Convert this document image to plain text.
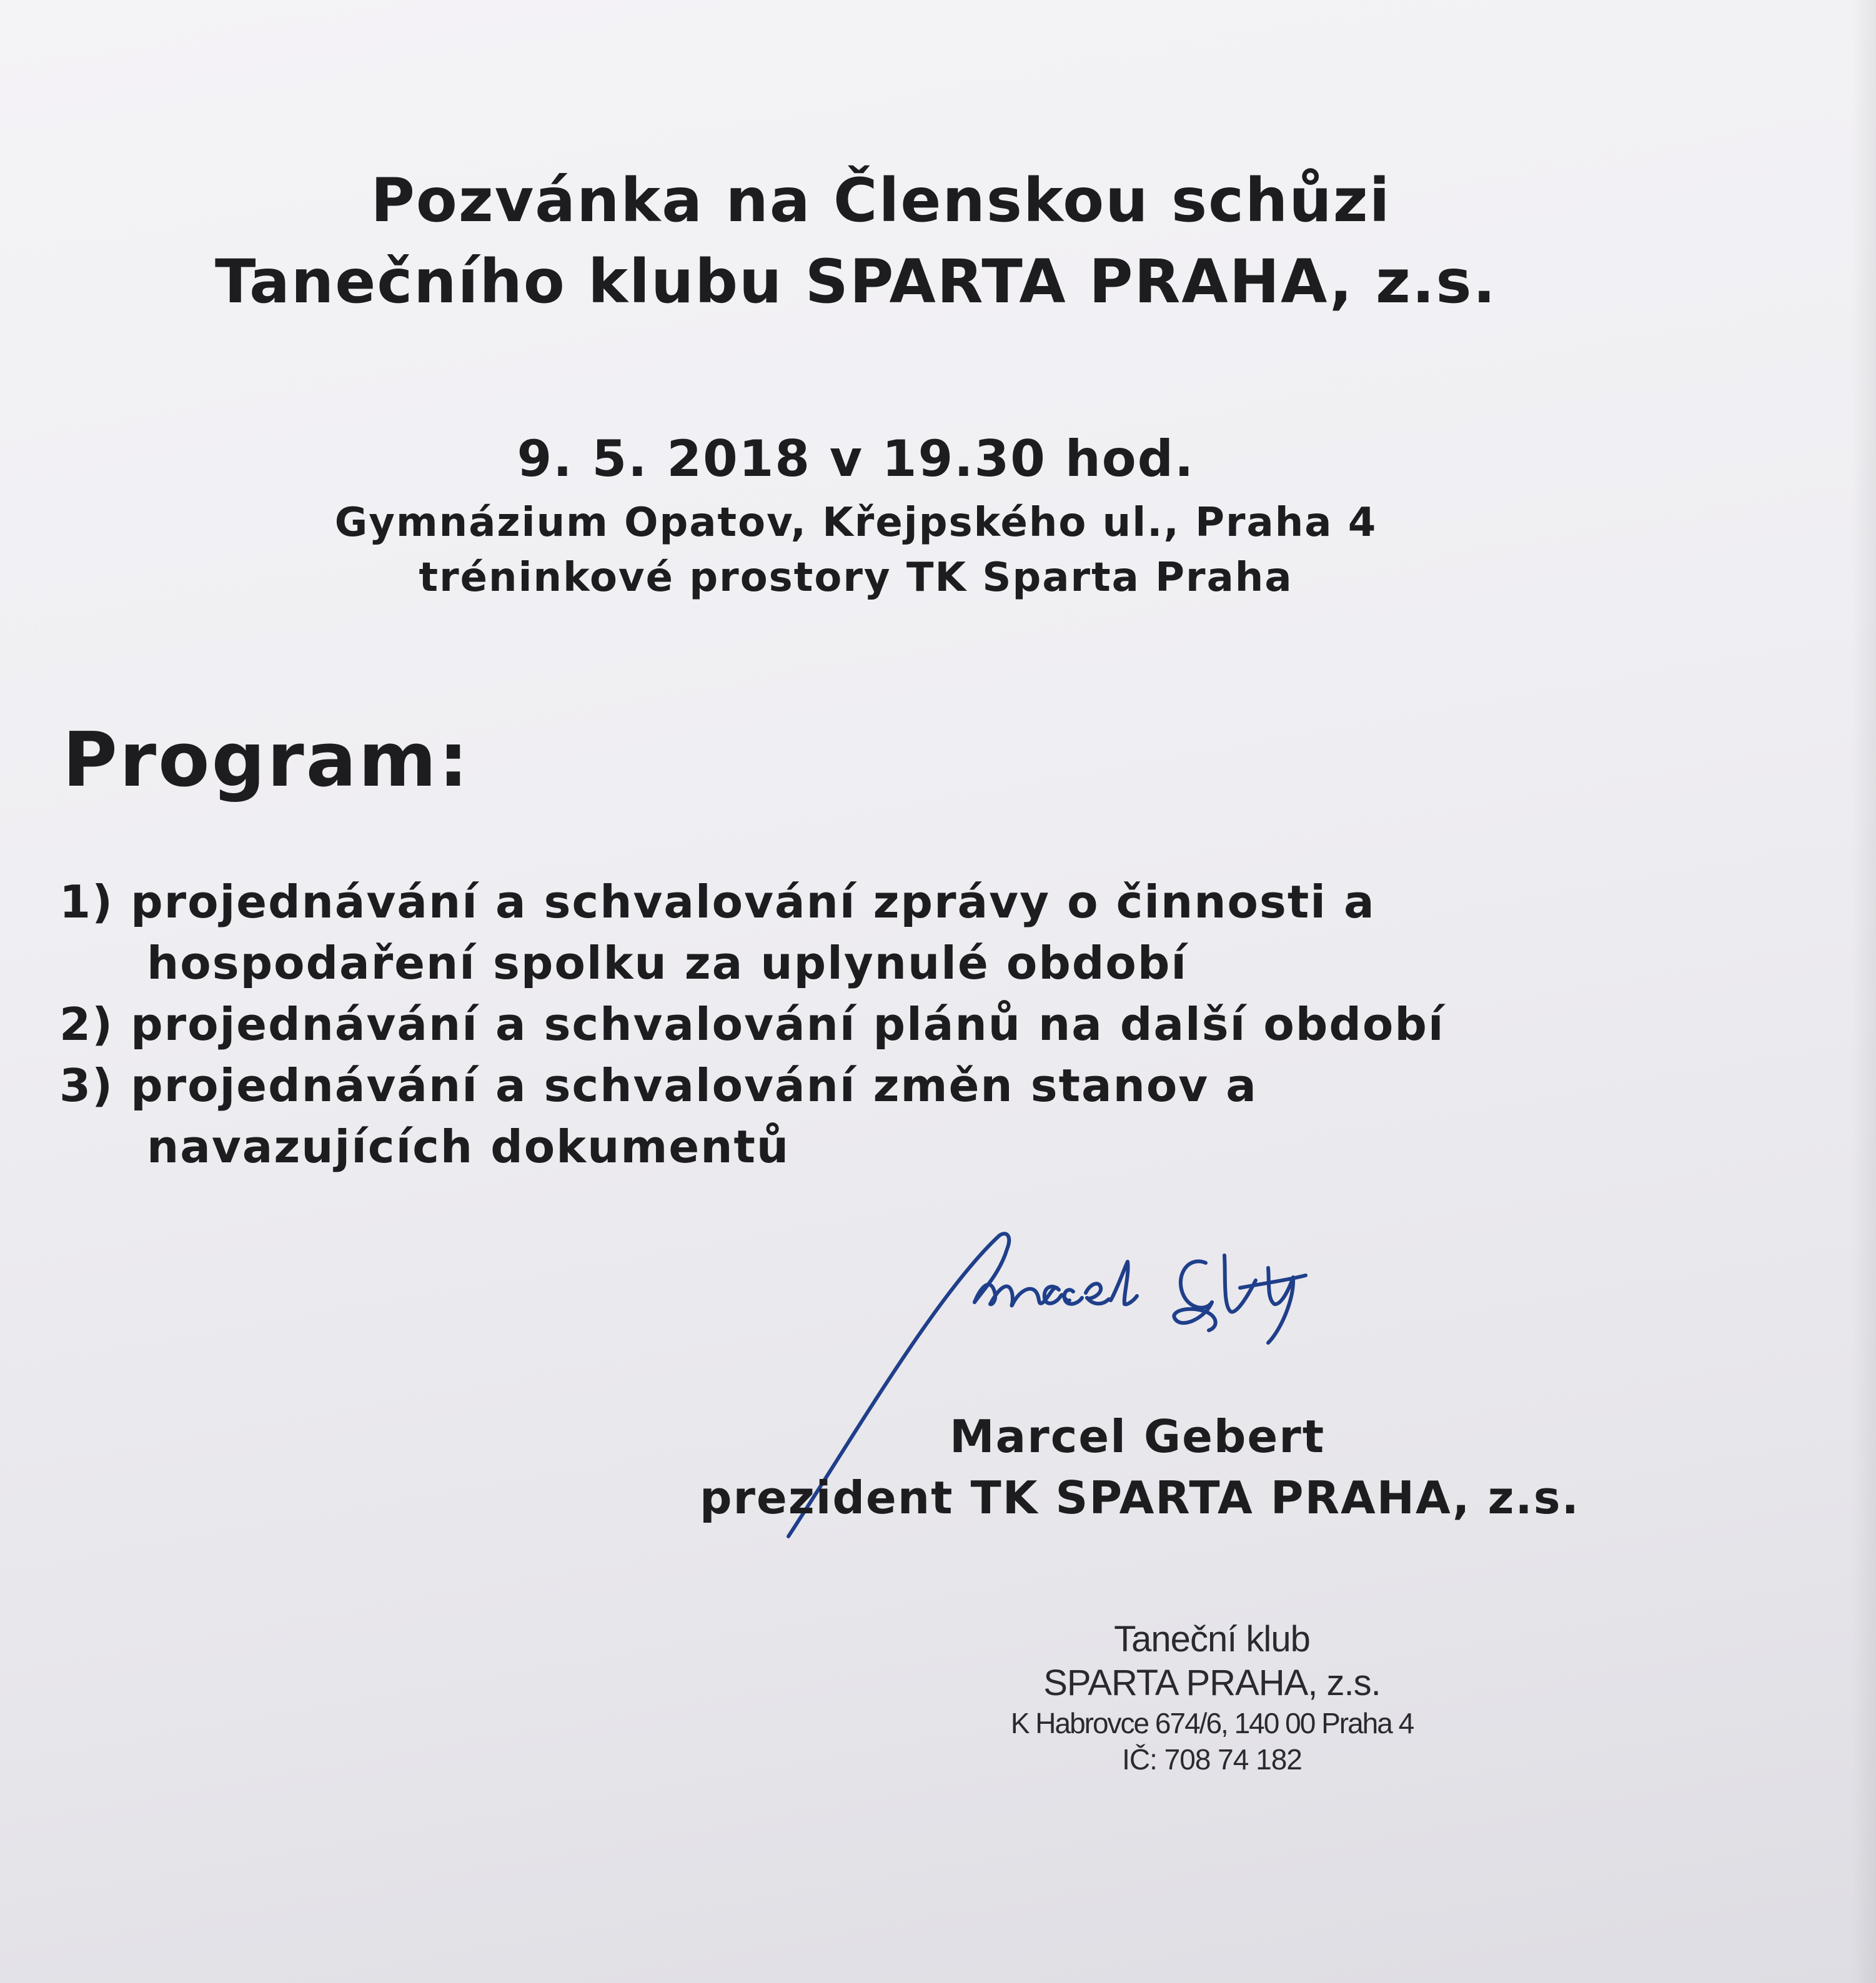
Pozvánka na Členskou schůzi
Tanečního klubu SPARTA PRAHA, z.s.
9. 5. 2018 v 19.30 hod.
Gymnázium Opatov, Křejpského ul., Praha 4
tréninkové prostory TK Sparta Praha
Program:
1) projednávání a schvalování zprávy o činnosti a
hospodaření spolku za uplynulé období
2) projednávání a schvalování plánů na další období
3) projednávání a schvalování změn stanov a
navazujících dokumentů
Marcel Gebert
prezident TK SPARTA PRAHA, z.s.
Taneční klub
SPARTA PRAHA, z.s.
K Habrovce 674/6, 140 00 Praha 4
IČ: 708 74 182
